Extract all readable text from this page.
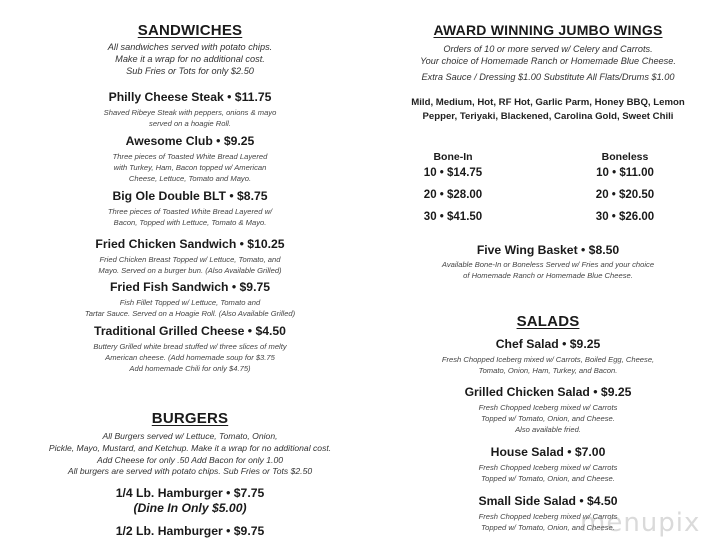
SANDWICHES
All sandwiches served with potato chips.
Make it a wrap for no additional cost.
Sub Fries or Tots for only $2.50
Philly Cheese Steak • $11.75
Shaved Ribeye Steak with peppers, onions & mayo
served on a hoagie Roll.
Awesome Club • $9.25
Three pieces of Toasted White Bread Layered
with Turkey, Ham, Bacon topped w/ American
Cheese, Lettuce, Tomato and Mayo.
Big Ole Double BLT • $8.75
Three pieces of Toasted White Bread Layered w/
Bacon, Topped with Lettuce, Tomato & Mayo.
Fried Chicken Sandwich • $10.25
Fried Chicken Breast Topped w/ Lettuce, Tomato, and
Mayo. Served on a burger bun. (Also Available Grilled)
Fried Fish Sandwich • $9.75
Fish Fillet Topped w/ Lettuce, Tomato and
Tartar Sauce. Served on a Hoagie Roll. (Also Available Grilled)
Traditional Grilled Cheese • $4.50
Buttery Grilled white bread stuffed w/ three slices of melty
American cheese. (Add homemade soup for $3.75
Add homemade Chili for only $4.75)
BURGERS
All Burgers served w/ Lettuce, Tomato, Onion,
Pickle, Mayo, Mustard, and Ketchup. Make it a wrap for no additional cost.
Add Cheese for only .50 Add Bacon for only 1.00
All burgers are served with potato chips. Sub Fries or Tots $2.50
1/4 Lb. Hamburger • $7.75
(Dine In Only $5.00)
1/2 Lb. Hamburger • $9.75
AWARD WINNING JUMBO WINGS
Orders of 10 or more served w/ Celery and Carrots.
Your choice of Homemade Ranch or Homemade Blue Cheese.
Extra Sauce / Dressing $1.00 Substitute All Flats/Drums $1.00
Mild, Medium, Hot, RF Hot, Garlic Parm, Honey BBQ, Lemon
Pepper, Teriyaki, Blackened, Carolina Gold, Sweet Chili
Bone-In
10 • $14.75
20 • $28.00
30 • $41.50
Boneless
10 • $11.00
20 • $20.50
30 • $26.00
Five Wing Basket • $8.50
Available Bone-In or Boneless Served w/ Fries and your choice
of Homemade Ranch or Homemade Blue Cheese.
SALADS
Chef Salad • $9.25
Fresh Chopped Iceberg mixed w/ Carrots, Boiled Egg, Cheese,
Tomato, Onion, Ham, Turkey, and Bacon.
Grilled Chicken Salad • $9.25
Fresh Chopped Iceberg mixed w/ Carrots
Topped w/ Tomato, Onion, and Cheese.
Also available fried.
House Salad • $7.00
Fresh Chopped Iceberg mixed w/ Carrots
Topped w/ Tomato, Onion, and Cheese.
Small Side Salad • $4.50
Fresh Chopped Iceberg mixed w/ Carrots
Topped w/ Tomato, Onion, and Cheese.
menupix
